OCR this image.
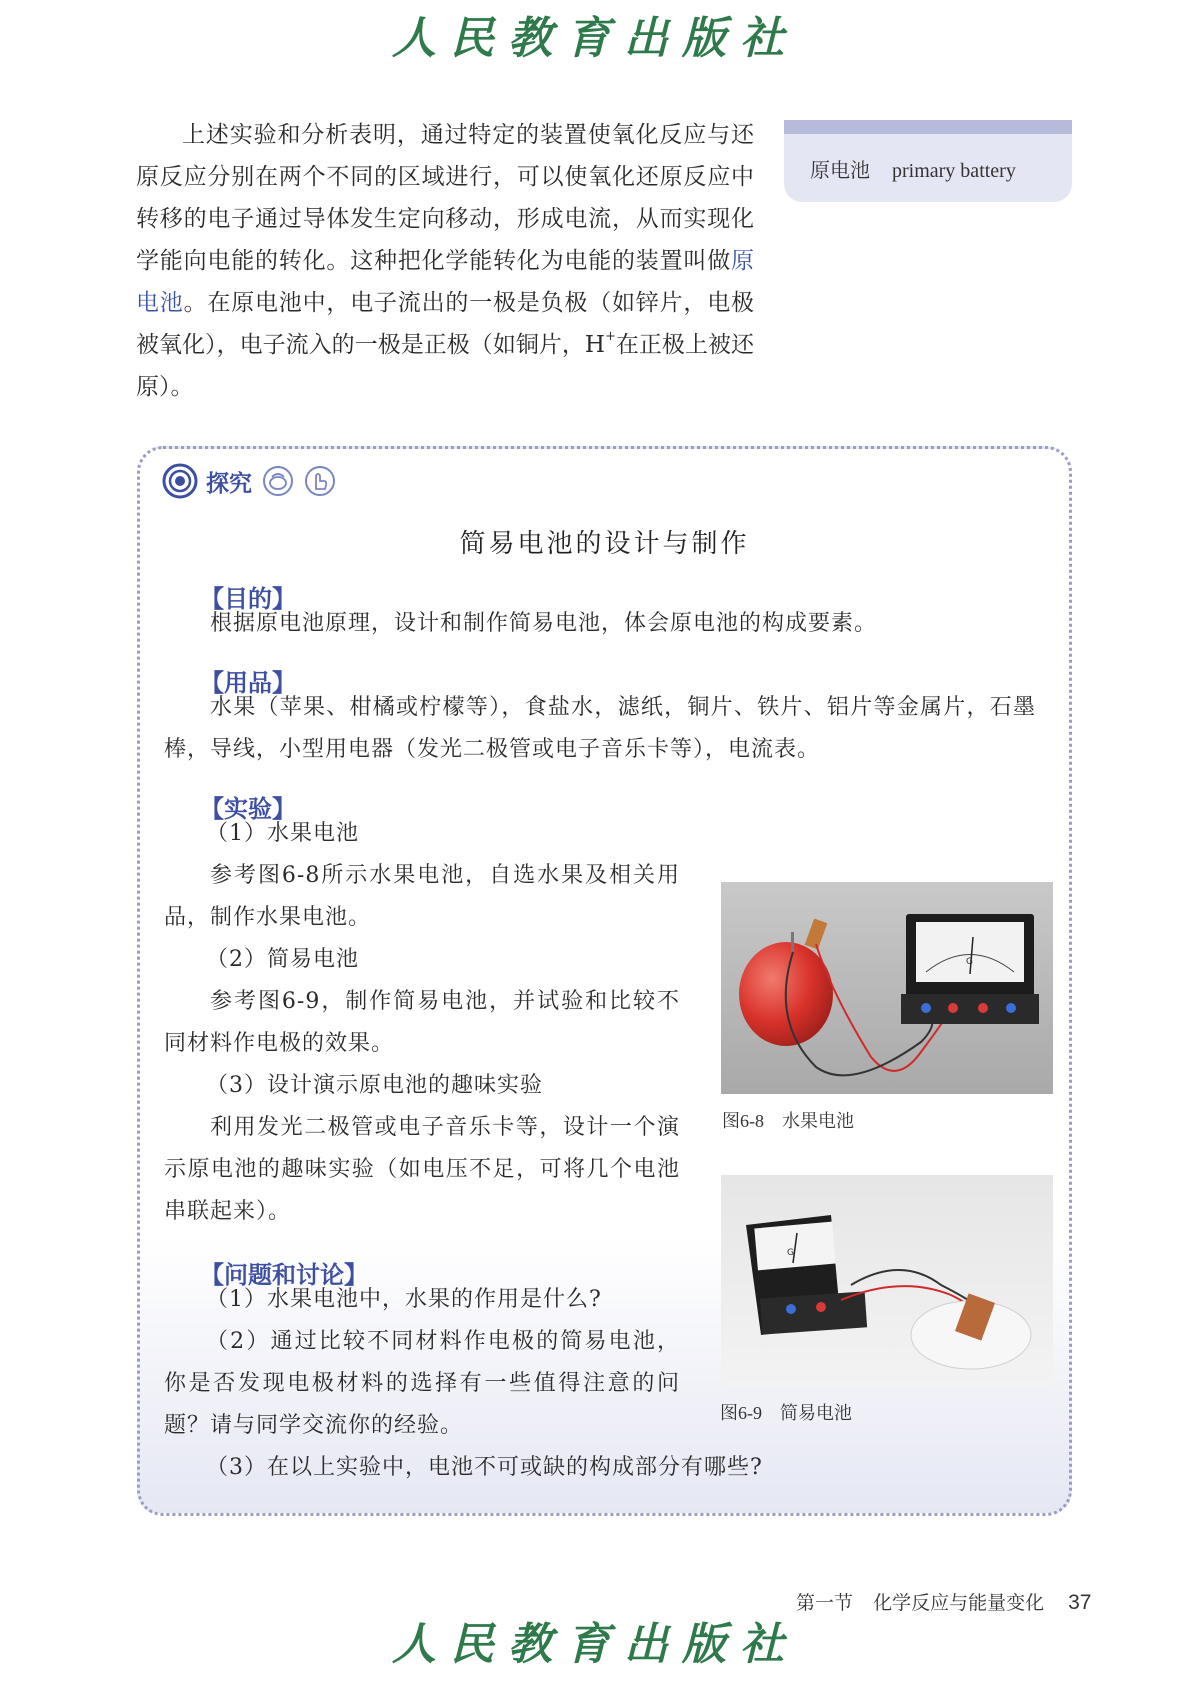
人民教育出版社

上述实验和分析表明，通过特定的装置使氧化反应与还原反应分别在两个不同的区域进行，可以使氧化还原反应中转移的电子通过导体发生定向移动，形成电流，从而实现化学能向电能的转化。这种把化学能转化为电能的装置叫做原电池。在原电池中，电子流出的一极是负极（如锌片，电极被氧化），电子流入的一极是正极（如铜片，H+在正极上被还原）。

原电池 primary battery
探究
简易电池的设计与制作
【目的】

根据原电池原理，设计和制作简易电池，体会原电池的构成要素。

【用品】

水果（苹果、柑橘或柠檬等），食盐水，滤纸，铜片、铁片、铝片等金属片，石墨棒，导线，小型用电器（发光二极管或电子音乐卡等），电流表。

【实验】

（1）水果电池

参考图6-8所示水果电池，自选水果及相关用品，制作水果电池。

（2）简易电池

参考图6-9，制作简易电池，并试验和比较不同材料作电极的效果。

（3）设计演示原电池的趣味实验

利用发光二极管或电子音乐卡等，设计一个演示原电池的趣味实验（如电压不足，可将几个电池串联起来）。

【问题和讨论】

（1）水果电池中，水果的作用是什么?

（2）通过比较不同材料作电极的简易电池，你是否发现电极材料的选择有一些值得注意的问题？请与同学交流你的经验。

（3）在以上实验中，电池不可或缺的构成部分有哪些?

G
图6-8 水果电池
G
图6-9 简易电池
第一节 化学反应与能量变化 37
人民教育出版社
